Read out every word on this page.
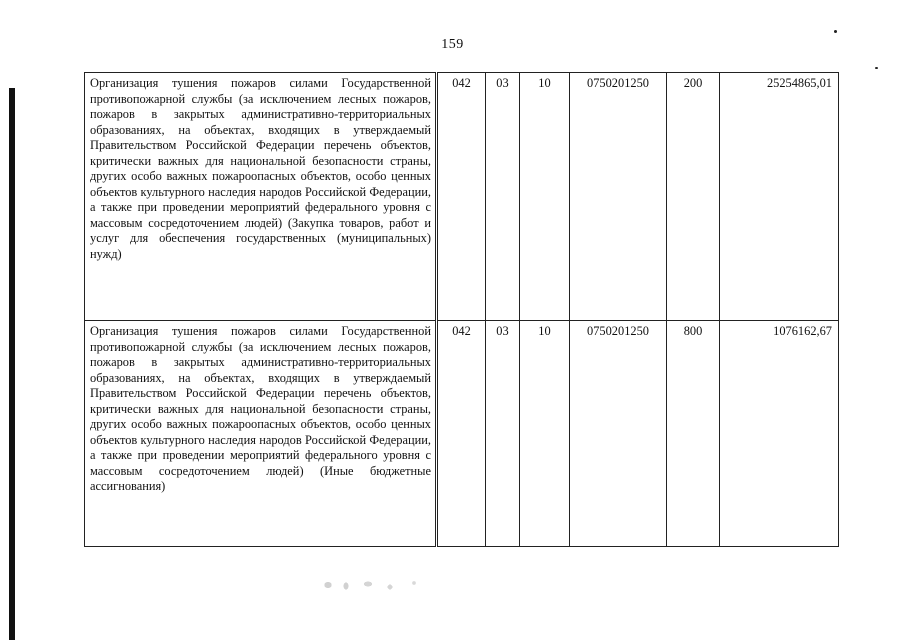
159
Организация тушения пожаров силами Государственной противопожарной службы (за исключением лесных пожаров, пожаров в закрытых административно-территориальных образованиях, на объектах, входящих в утверждаемый Правительством Российской Федерации перечень объектов, критически важных для национальной безопасности страны, других особо важных пожароопасных объектов, особо ценных объектов культурного наследия народов Российской Федерации, а также при проведении мероприятий федерального уровня с массовым сосредоточением людей) (Закупка товаров, работ и услуг для обеспечения государственных (муниципальных) нужд)	042	03	10	0750201250	200	25254865,01
Организация тушения пожаров силами Государственной противопожарной службы (за исключением лесных пожаров, пожаров в закрытых административно-территориальных образованиях, на объектах, входящих в утверждаемый Правительством Российской Федерации перечень объектов, критически важных для национальной безопасности страны, других особо важных пожароопасных объектов, особо ценных объектов культурного наследия народов Российской Федерации, а также при проведении мероприятий федерального уровня с массовым сосредоточением людей) (Иные бюджетные ассигнования)	042	03	10	0750201250	800	1076162,67
